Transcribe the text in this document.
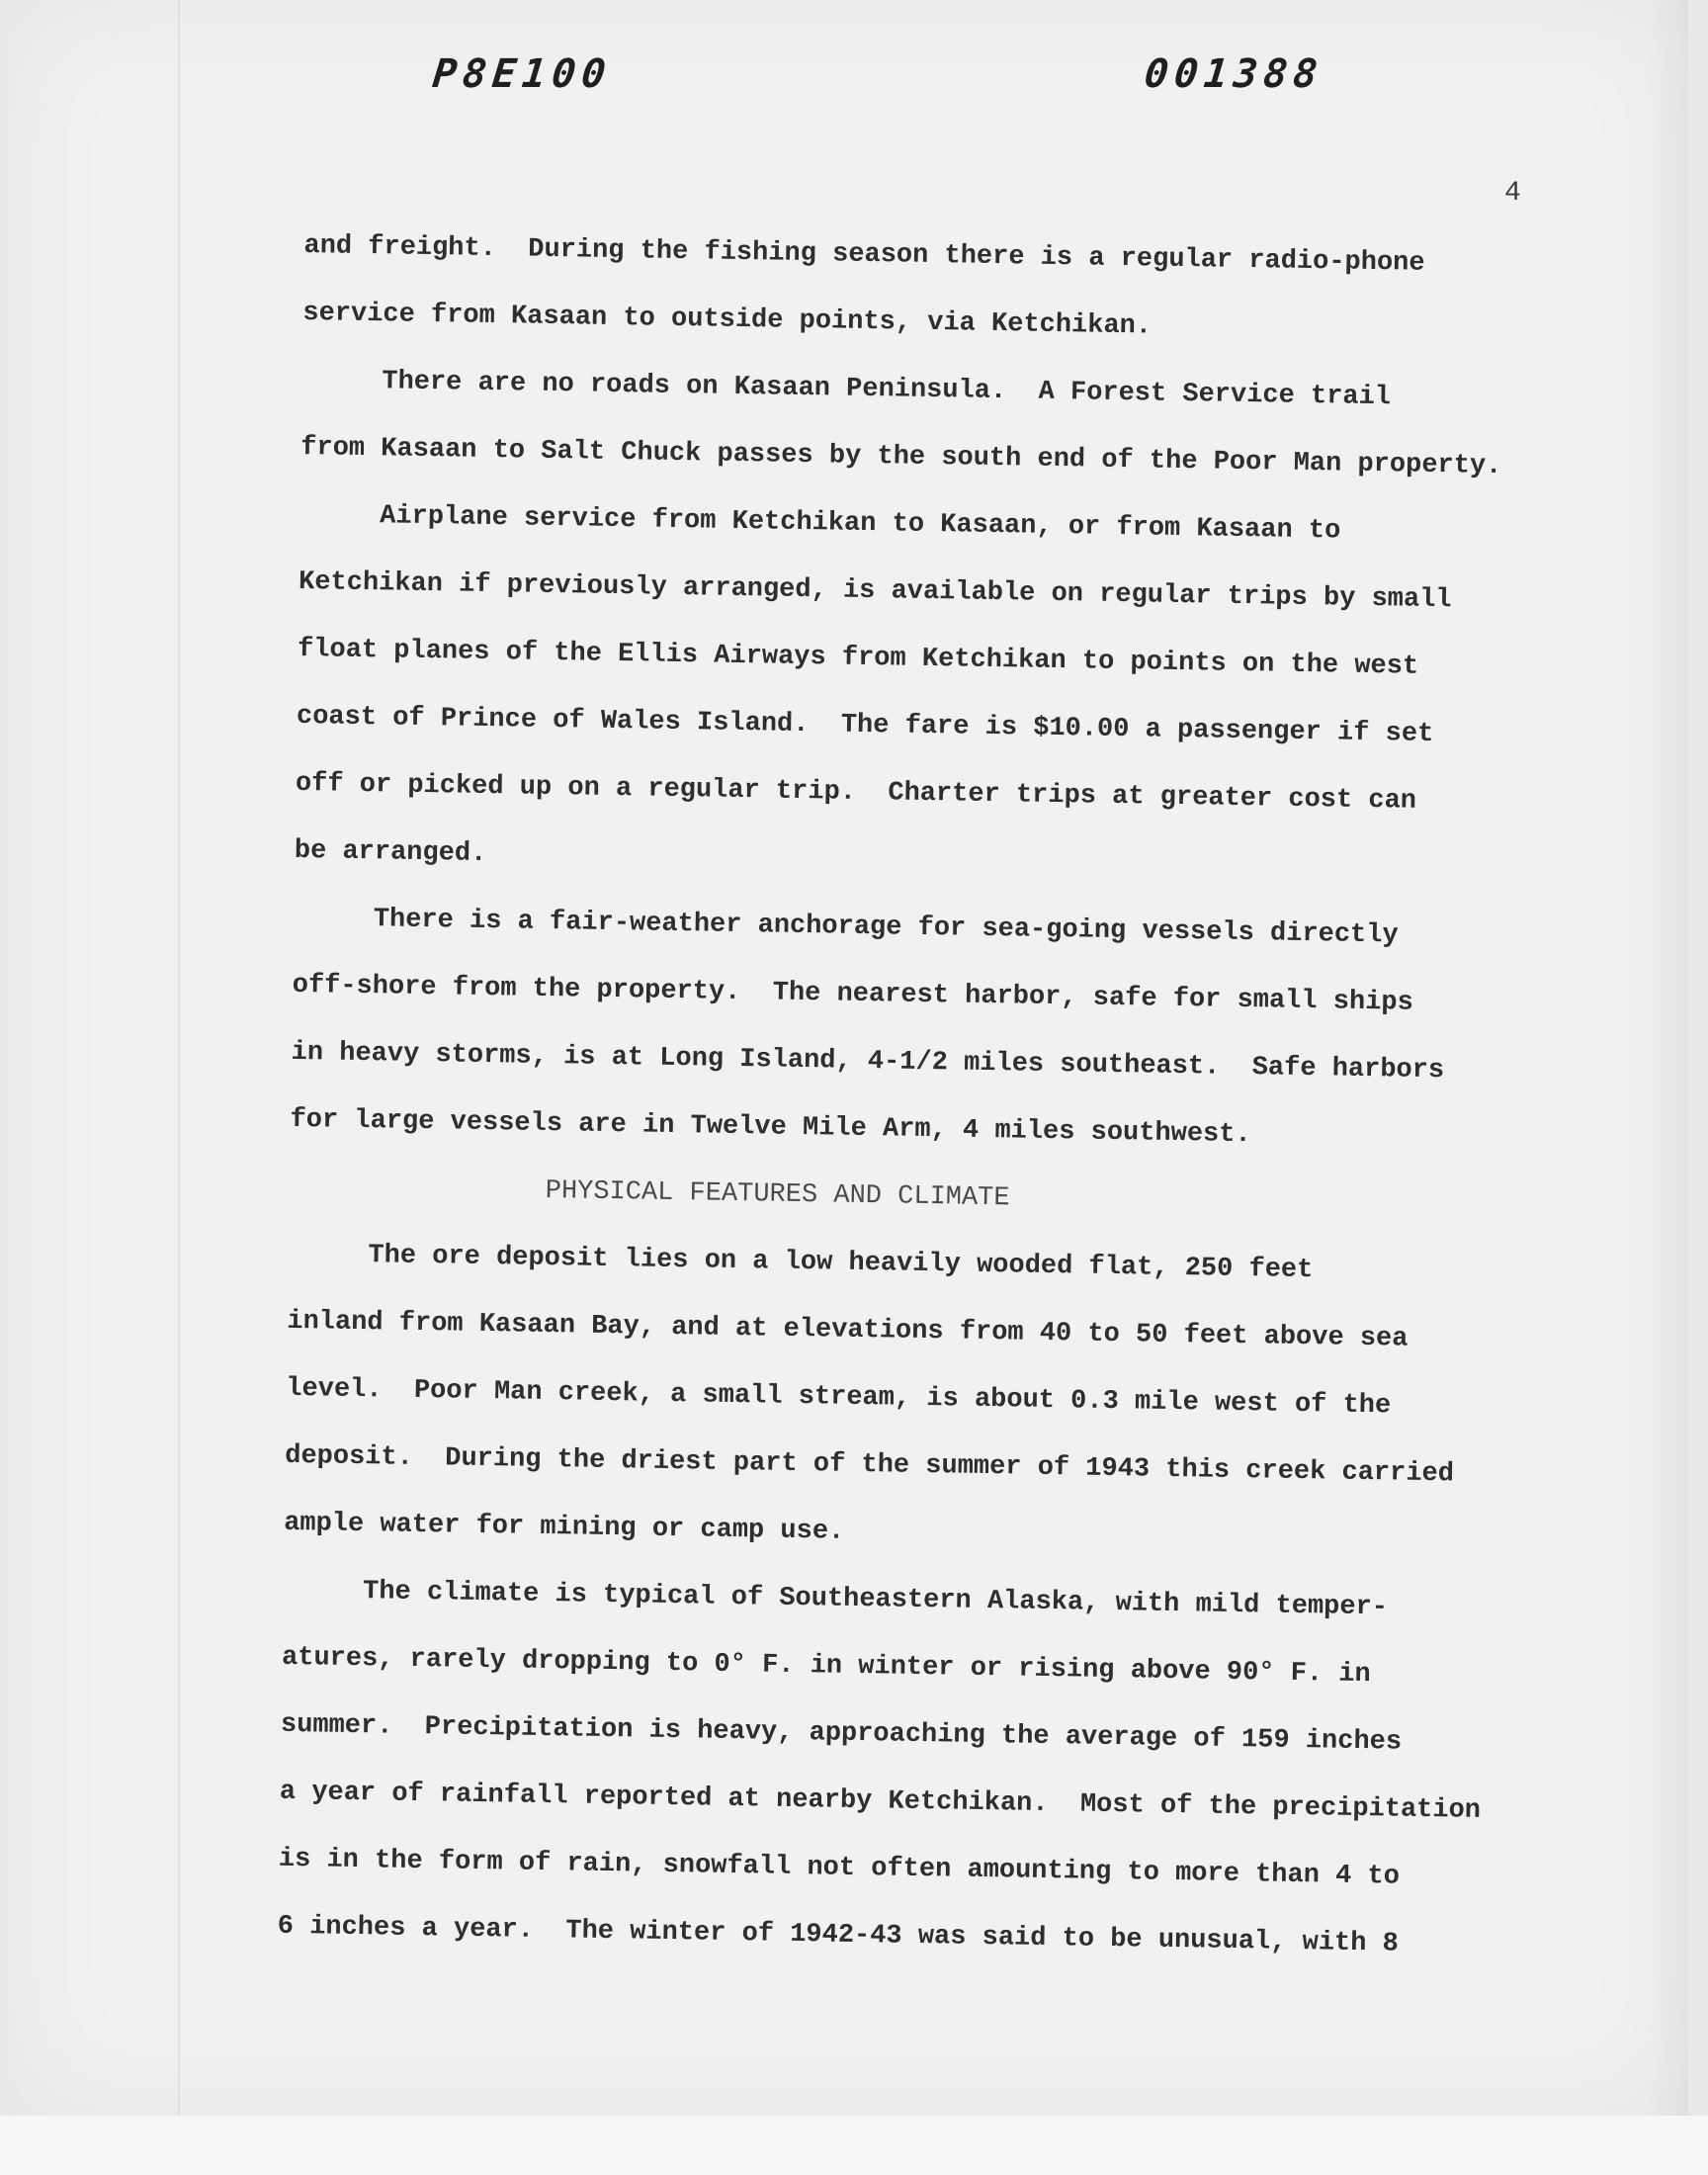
P8E100	001388
4

and freight.  During the fishing season there is a regular radio-phone

service from Kasaan to outside points, via Ketchikan.

There are no roads on Kasaan Peninsula.  A Forest Service trail

from Kasaan to Salt Chuck passes by the south end of the Poor Man property.

Airplane service from Ketchikan to Kasaan, or from Kasaan to

Ketchikan if previously arranged, is available on regular trips by small

float planes of the Ellis Airways from Ketchikan to points on the west

coast of Prince of Wales Island.  The fare is $10.00 a passenger if set

off or picked up on a regular trip.  Charter trips at greater cost can

be arranged.

There is a fair-weather anchorage for sea-going vessels directly

off-shore from the property.  The nearest harbor, safe for small ships

in heavy storms, is at Long Island, 4-1/2 miles southeast.  Safe harbors

for large vessels are in Twelve Mile Arm, 4 miles southwest.

PHYSICAL FEATURES AND CLIMATE

The ore deposit lies on a low heavily wooded flat, 250 feet

inland from Kasaan Bay, and at elevations from 40 to 50 feet above sea

level.  Poor Man creek, a small stream, is about 0.3 mile west of the

deposit.  During the driest part of the summer of 1943 this creek carried

ample water for mining or camp use.

The climate is typical of Southeastern Alaska, with mild temper-

atures, rarely dropping to 0° F. in winter or rising above 90° F. in

summer.  Precipitation is heavy, approaching the average of 159 inches

a year of rainfall reported at nearby Ketchikan.  Most of the precipitation

is in the form of rain, snowfall not often amounting to more than 4 to

6 inches a year.  The winter of 1942-43 was said to be unusual, with 8
